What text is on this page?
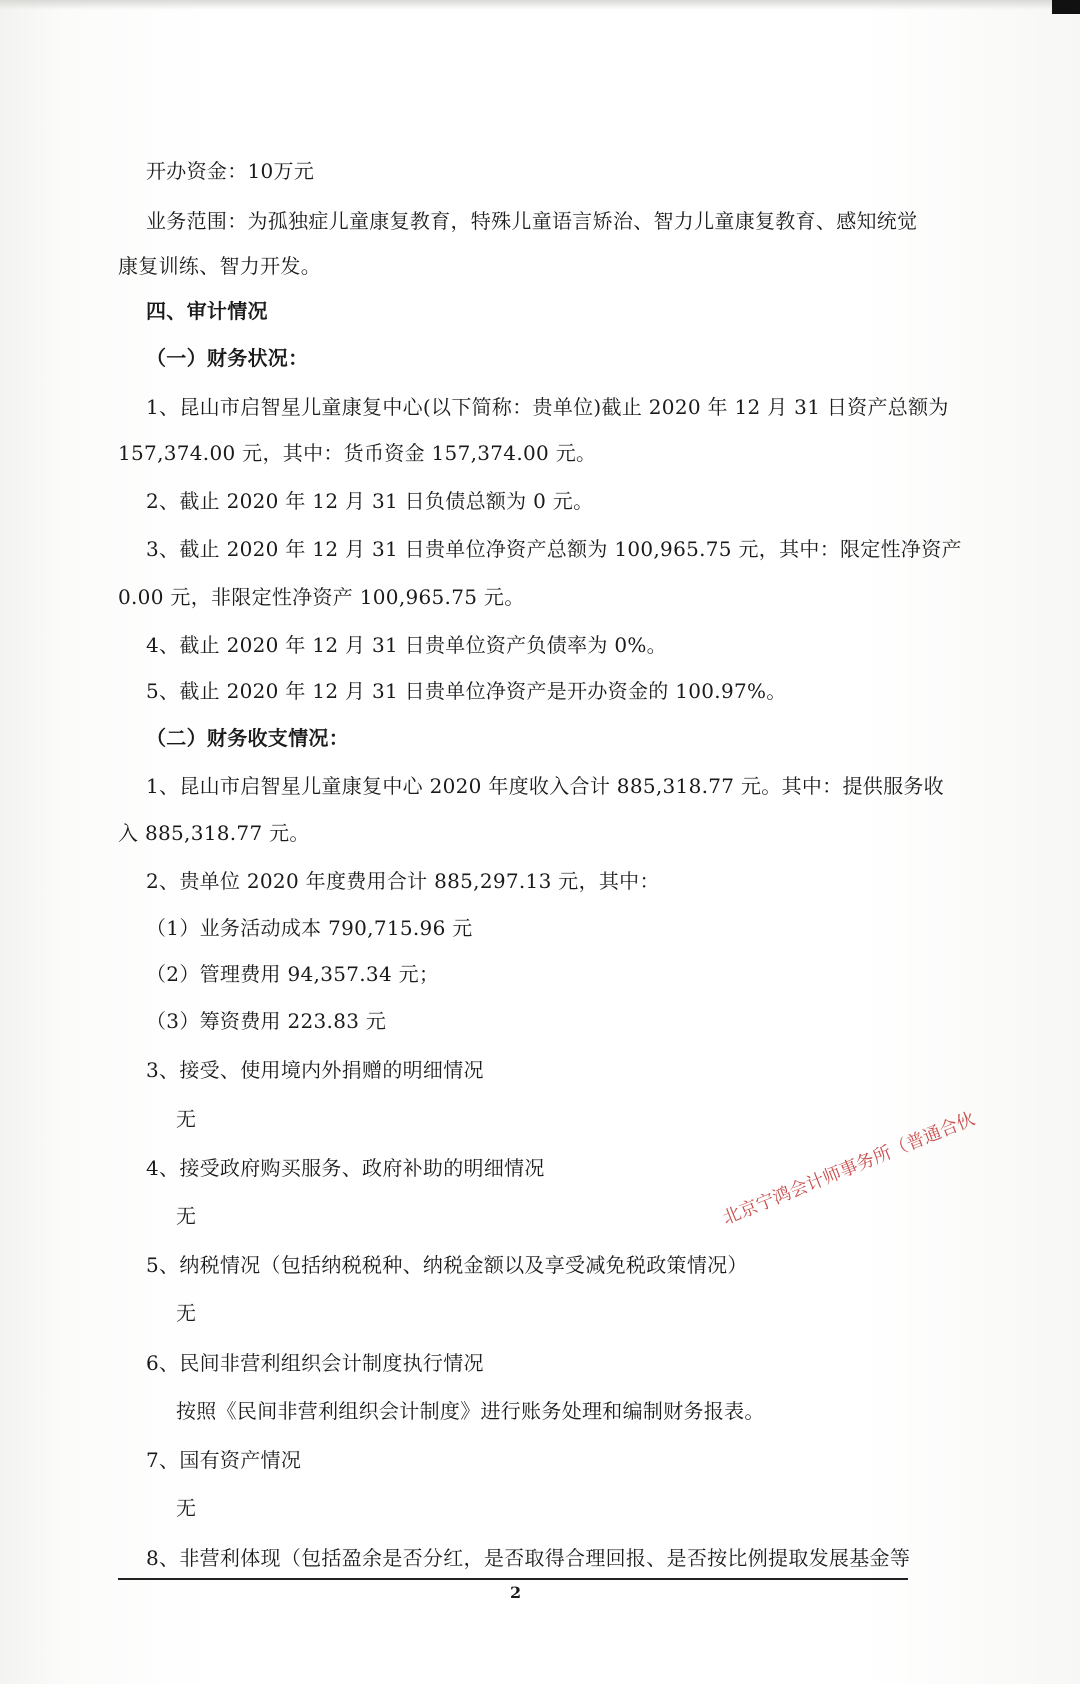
开办资金：10万元
业务范围：为孤独症儿童康复教育，特殊儿童语言矫治、智力儿童康复教育、感知统觉
康复训练、智力开发。
四、审计情况
（一）财务状况：
1、昆山市启智星儿童康复中心(以下简称：贵单位)截止 2020 年 12 月 31 日资产总额为
157,374.00 元，其中：货币资金 157,374.00 元。
2、截止 2020 年 12 月 31 日负债总额为 0 元。
3、截止 2020 年 12 月 31 日贵单位净资产总额为 100,965.75 元，其中：限定性净资产
0.00 元，非限定性净资产 100,965.75 元。
4、截止 2020 年 12 月 31 日贵单位资产负债率为 0%。
5、截止 2020 年 12 月 31 日贵单位净资产是开办资金的 100.97%。
（二）财务收支情况：
1、昆山市启智星儿童康复中心 2020 年度收入合计 885,318.77 元。其中：提供服务收
入 885,318.77 元。
2、贵单位 2020 年度费用合计 885,297.13 元，其中：
（1）业务活动成本 790,715.96 元
（2）管理费用 94,357.34 元；
（3）筹资费用 223.83 元
3、接受、使用境内外捐赠的明细情况
无
4、接受政府购买服务、政府补助的明细情况
无
5、纳税情况（包括纳税税种、纳税金额以及享受减免税政策情况）
无
6、民间非营利组织会计制度执行情况
按照《民间非营利组织会计制度》进行账务处理和编制财务报表。
7、国有资产情况
无
8、非营利体现（包括盈余是否分红，是否取得合理回报、是否按比例提取发展基金等
北京宁鸿会计师事务所（普通合伙
2
